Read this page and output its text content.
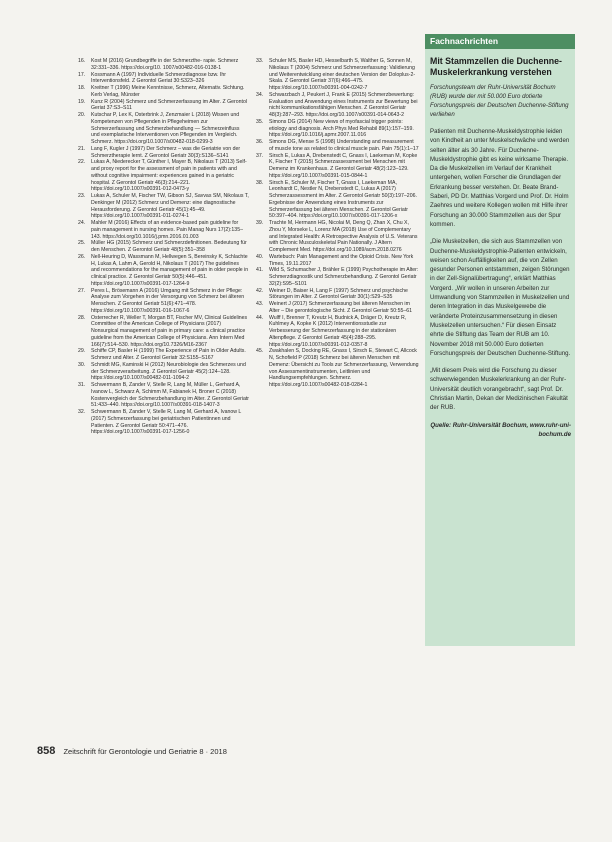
16.	Kost M (2016) Grundbegriffe in der Schmerzthe- rapie. Schmerz 32:331–336. https://doi.org/10. 1007/s00482-016-0138-1

17.	Kossmann A (1997) Individuelle Schmerzdiagnose bzw. Ihr Interventionsfeld. Z Gerontol Geriat 30:S323–326

18.	Kreitner T (1996) Meine Kenntnisse, Schmerz, Alternativ. Sichtung. Kerb Verlag, Münster

19.	Kunz R (2004) Schmerz und Schmerzerfassung im Alter. Z Gerontol Geriat 37:S3–S11

20.	Kutschar P, Lex K, Osterbrink J, Zenzmaier L (2018) Wissen und Kompetenzen von Pflegenden in Pflegeheimen zur Schmerzerfassung und Schmerzbehandlung — Schmerzeinfluss und exemplarische Interventionen von Pflegenden im Vergleich. Schmerz. https://doi.org/10.1007/s00482-018-0299-3

21.	Lang F, Kugler J (1997) Der Schmerz – was die Geriatrie von der Schmerztherapie lernt. Z Gerontol Geriatr 30(3):S136–S141

22.	Lukas A, Niederecker T, Günther I, Mayer B, Nikolaus T (2013) Self- and proxy report for the assessment of pain in patients with and without cognitive impairment: experiences gained in a geriatric hospital. Z Gerontol Geriatr 46(3):214–221. https://doi.org/10.1007/s00391-012-0473-y

23.	Lukas A, Schuler M, Fischer TW, Gibson SJ, Savvas SM, Nikolaus T, Denkinger M (2012) Schmerz und Demenz: eine diagnostische Herausforderung. Z Gerontol Geriatr 45(1):45–49. https://doi.org/10.1007/s00391-011-0274-1

24.	Mahler M (2016) Effects of an evidence-based pain guideline for pain management in nursing homes. Pain Manag Nurs 17(2):135–143. https://doi.org/10.1016/j.pmn.2016.01.003

25.	Müller HG (2015) Schmerz und Schmerzdefinitionen. Bedeutung für den Menschen. Z Gerontol Geriatr 48(5):351–358

26.	Nell-Heuring D, Wassmann M, Hellwegen S, Bereinsky K, Schlachte H, Lukas A, Lahm A, Gerold H, Nikolaus T (2017) The guidelines and recommendations for the management of pain in older people in clinical practice. Z Gerontol Geriatr 50(5):446–451. https://doi.org/10.1007/s00391-017-1264-9

27.	Peres L, Brösemann A (2016) Umgang mit Schmerz in der Pflege: Analyse zum Vorgehen in der Versorgung von Schmerz bei älteren Menschen. Z Gerontol Geriatr 51(6):471–478. https://doi.org/10.1007/s00391-016-1067-6

28.	Osterrecher R, Weller T, Morgan BT, Fischer MV, Clinical Guidelines Committee of the American College of Physicians (2017) Nonsurgical management of pain in primary care: a clinical practice guideline from the American College of Physicians. Ann Intern Med 166(7):514–530. https://doi.org/10.7326/M16-2367

29.	Schiffe CP, Basler H (1999) The Experience of Pain in Older Adults. Schmerz und Alter. Z Gerontol Geriatr 32:S155–S167

30.	Schmidt MG, Kaminski H (2012) Neurobiologie des Schmerzes und der Schmerzverarbeitung. Z Gerontol Geriatr 45(2):124–128. https://doi.org/10.1007/s00482-011-1094-2

31.	Schwermann B, Zander V, Stelle R, Lang M, Müller L, Gerhard A, Ivanow L, Schwarz A, Schimm M, Fabianek H, Broner C (2018) Kostenvergleich der Schmerzbehandlung im Alter. Z Gerontol Geriatr 51:433–440. https://doi.org/10.1007/s00391-018-1407-3

32.	Schwermann B, Zander V, Stelle R, Lang M, Gerhard A, Ivanow L (2017) Schmerzerfassung bei geriatrischen Patientinnen und Patienten. Z Gerontol Geriatr 50:471–476. https://doi.org/10.1007/s00391-017-1256-0

33.	Schuler MS, Basler HD, Hesselbarth S, Walther G, Sonnen M, Nikolaus T (2004) Schmerz und Schmerzerfassung: Validierung und Weiterentwicklung einer deutschen Version der Doloplus-2-Skala. Z Gerontol Geriatr 37(6):466–475. https://doi.org/10.1007/s00391-004-0242-7

34.	Schwarzbach J, Peukert J, Frank E (2015) Schmerzbewertung: Evaluation und Anwendung eines Instruments zur Bewertung bei nicht kommunikationsfähigen Menschen. Z Gerontol Geriatr 48(3):287–293. https://doi.org/10.1007/s00391-014-0643-2

35.	Simons DG (2014) New views of myofascial trigger points: etiology and diagnosis. Arch Phys Med Rehabil 89(1):157–159. https://doi.org/10.1016/j.apmr.2007.11.016

36.	Simons DG, Mense S (1998) Understanding and measurement of muscle tone as related to clinical muscle pain. Pain 75(1):1–17

37.	Sirsch E, Lukas A, Drebenstedt C, Gnass I, Laekeman M, Kopke K, Fischer T (2015) Schmerzassessment bei Menschen mit Demenz im Krankenhaus. Z Gerontol Geriatr 48(2):123–129. https://doi.org/10.1007/s00391-015-0844-1

38.	Sirsch E, Schuler M, Fischer T, Gnass I, Laekeman MA, Leonhardt C, Nestler N, Drebenstedt C, Lukas A (2017) Schmerzassessment im Alter. Z Gerontol Geriatr 50(3):197–206. Ergebnisse der Anwendung eines Instruments zur Schmerzerfassung bei älteren Menschen. Z Gerontol Geriatr 50:397–404. https://doi.org/10.1007/s00391-017-1206-x

39.	Trachte M, Hermann HG, Nicolai M, Deng Q, Zhan X, Chu X, Zhou Y, Morseke L, Lorenz MA (2018) Use of Complementary and Integrated Health: A Retrospective Analysis of U.S. Veterans with Chronic Musculoskeletal Pain Nationally. J Altern Complement Med. https://doi.org/10.1089/acm.2018.0276

40.	Wartebuch: Pain Management and the Opioid Crisis. New York Times, 19.11.2017

41.	Wild S, Schumacher J, Brähler E (1999) Psychotherapie im Alter: Schmerzdiagnostik und Schmerzbehandlung. Z Gerontol Geriatr 32(2):S95–S101

42.	Weiner D, Baiser H, Lang F (1997) Schmerz und psychische Störungen im Alter. Z Gerontol Geriatr 30(1):S29–S35

43.	Weinert J (2017) Schmerzerfassung bei älteren Menschen im Alter – Die gerontologische Sicht. Z Gerontol Geriatr 50:55–61

44.	Wulff I, Brenner T, Kreutz H, Budnick A, Dräger D, Kreutz R, Kuhlmey A, Kopke K (2012) Interventionsstudie zur Verbesserung der Schmerzerfassung in der stationären Altenpflege. Z Gerontol Geriatr 45(4):288–295. https://doi.org/10.1007/s00391-012-0357-8

45.	Zwakhalen S, Docking RE, Gnass I, Sirsch E, Stewart C, Allcock N, Schofield P (2018) Schmerz bei älteren Menschen mit Demenz: Übersicht zu Tools zur Schmerzerfassung, Verwendung von Assessmentinstrumenten, Leitlinien und Handlungsempfehlungen. Schmerz. https://doi.org/10.1007/s00482-018-0284-1

Fachnachrichten
Mit Stammzellen die Duchenne-Muskelerkrankung verstehen

Forschungsteam der Ruhr-Universität Bochum (RUB) wurde der mit 50.000 Euro dotierte Forschungspreis der Deutschen Duchenne-Stiftung verliehen

Patienten mit Duchenne-Muskeldystrophie leiden von Kindheit an unter Muskelschwäche und werden selten älter als 30 Jahre. Für Duchenne-Muskeldystrophie gibt es keine wirksame Therapie. Da die Muskelzellen im Verlauf der Krankheit untergehen, wollen Forscher die Grundlagen der Erkrankung besser verstehen. Dr. Beate Brand-Saberi, PD Dr. Matthias Vorgerd und Prof. Dr. Holm Zaehres und weitere Kollegen wollen mit Hilfe ihrer Forschung an 30.000 Stammzellen aus der Spur kommen.

„Die Muskelzellen, die sich aus Stammzellen von Duchenne-Muskeldystrophie-Patienten entwickeln, weisen schon Auffälligkeiten auf, die von Zellen gesunder Personen entstammen, zeigen Störungen in der Zell-Signalübertragung“, erklärt Matthias Vorgerd. „Wir wollen in unseren Arbeiten zur Umwandlung von Stammzellen in Muskelzellen und deren Integration in das Muskelgewebe die veränderte Proteinzusammensetzung in diesen Muskelzellen untersuchen.“ Für diesen Einsatz ehrte die Stiftung das Team der RUB am 10. November 2018 mit 50.000 Euro dotierten Forschungspreis der Deutschen Duchenne-Stiftung.

„Mit diesem Preis wird die Forschung zu dieser schwerwiegenden Muskelerkrankung an der Ruhr-Universität deutlich vorangebracht“, sagt Prof. Dr. Christian Martin, Dekan der Medizinischen Fakultät der RUB.

Quelle: Ruhr-Universität Bochum, www.ruhr-uni-bochum.de
858 Zeitschrift für Gerontologie und Geriatrie 8 · 2018
